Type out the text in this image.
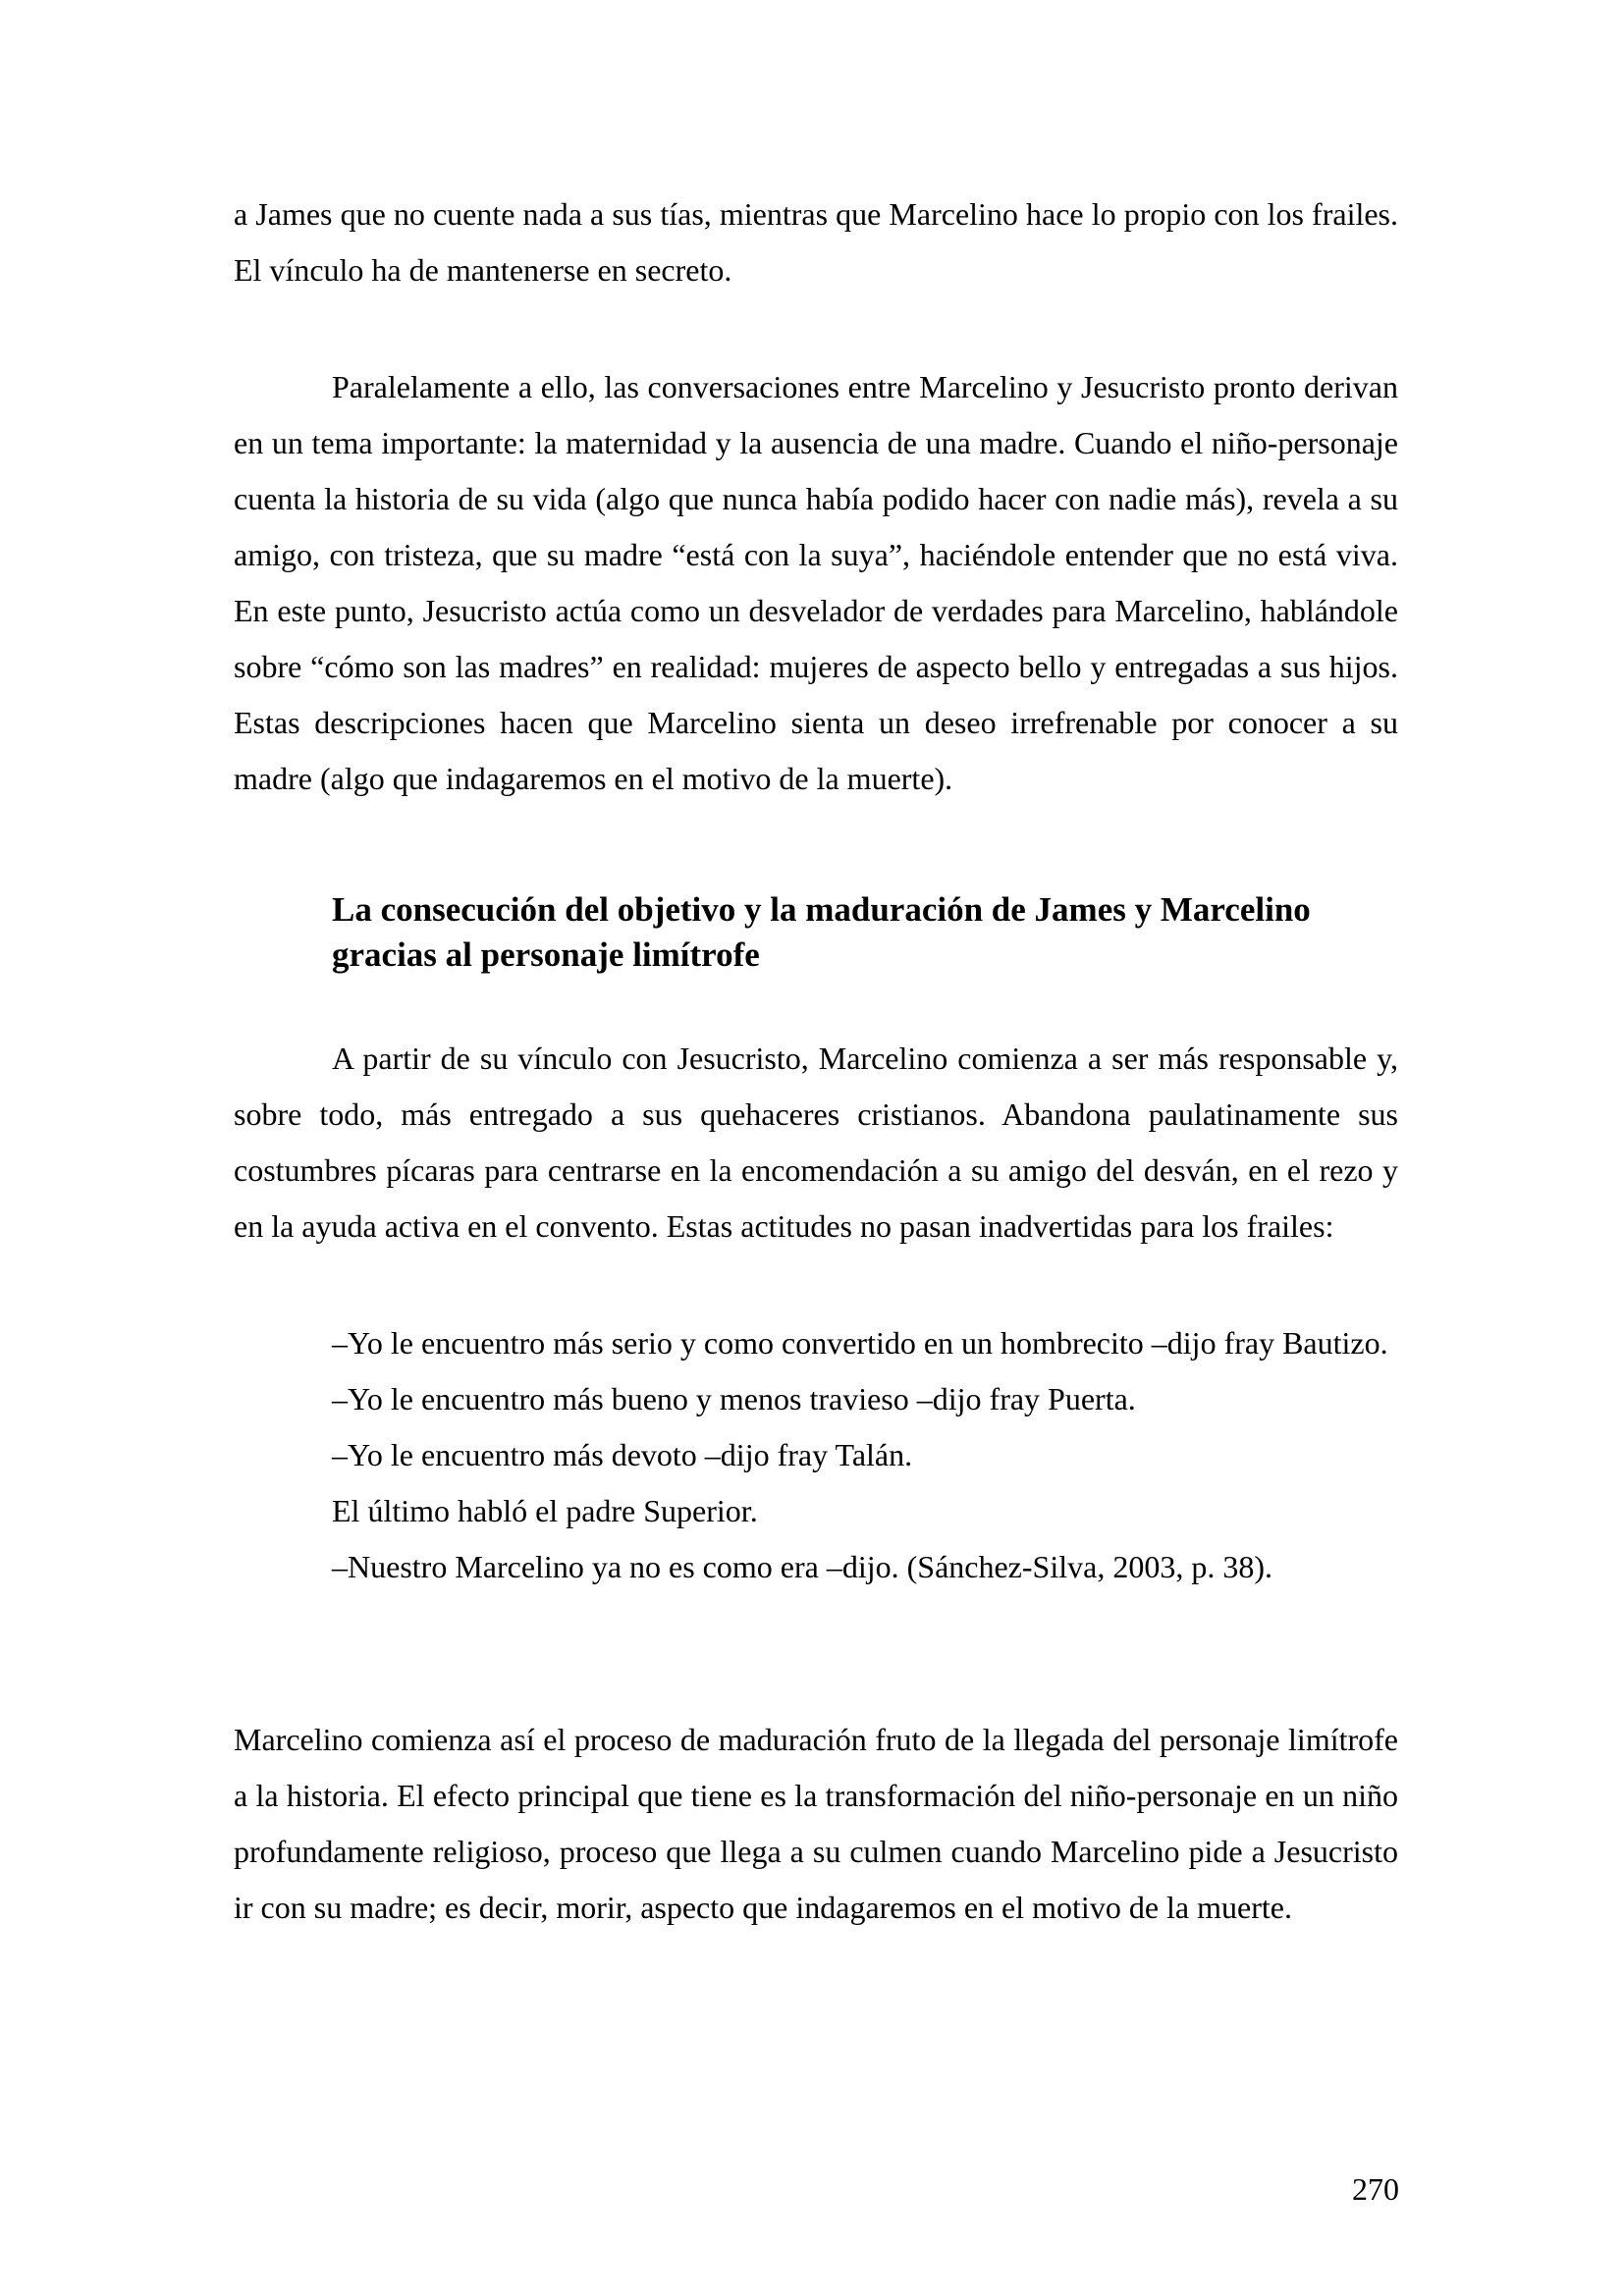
a James que no cuente nada a sus tías, mientras que Marcelino hace lo propio con los frailes. El vínculo ha de mantenerse en secreto.

Paralelamente a ello, las conversaciones entre Marcelino y Jesucristo pronto derivan en un tema importante: la maternidad y la ausencia de una madre. Cuando el niño-personaje cuenta la historia de su vida (algo que nunca había podido hacer con nadie más), revela a su amigo, con tristeza, que su madre “está con la suya”, haciéndole entender que no está viva. En este punto, Jesucristo actúa como un desvelador de verdades para Marcelino, hablándole sobre “cómo son las madres” en realidad: mujeres de aspecto bello y entregadas a sus hijos. Estas descripciones hacen que Marcelino sienta un deseo irrefrenable por conocer a su madre (algo que indagaremos en el motivo de la muerte).

La consecución del objetivo y la maduración de James y Marcelino gracias al personaje limítrofe

A partir de su vínculo con Jesucristo, Marcelino comienza a ser más responsable y, sobre todo, más entregado a sus quehaceres cristianos. Abandona paulatinamente sus costumbres pícaras para centrarse en la encomendación a su amigo del desván, en el rezo y en la ayuda activa en el convento. Estas actitudes no pasan inadvertidas para los frailes:

–Yo le encuentro más serio y como convertido en un hombrecito –dijo fray Bautizo.

–Yo le encuentro más bueno y menos travieso –dijo fray Puerta.

–Yo le encuentro más devoto –dijo fray Talán.

El último habló el padre Superior.

–Nuestro Marcelino ya no es como era –dijo. (Sánchez-Silva, 2003, p. 38).

Marcelino comienza así el proceso de maduración fruto de la llegada del personaje limítrofe a la historia. El efecto principal que tiene es la transformación del niño-personaje en un niño profundamente religioso, proceso que llega a su culmen cuando Marcelino pide a Jesucristo ir con su madre; es decir, morir, aspecto que indagaremos en el motivo de la muerte.

270
